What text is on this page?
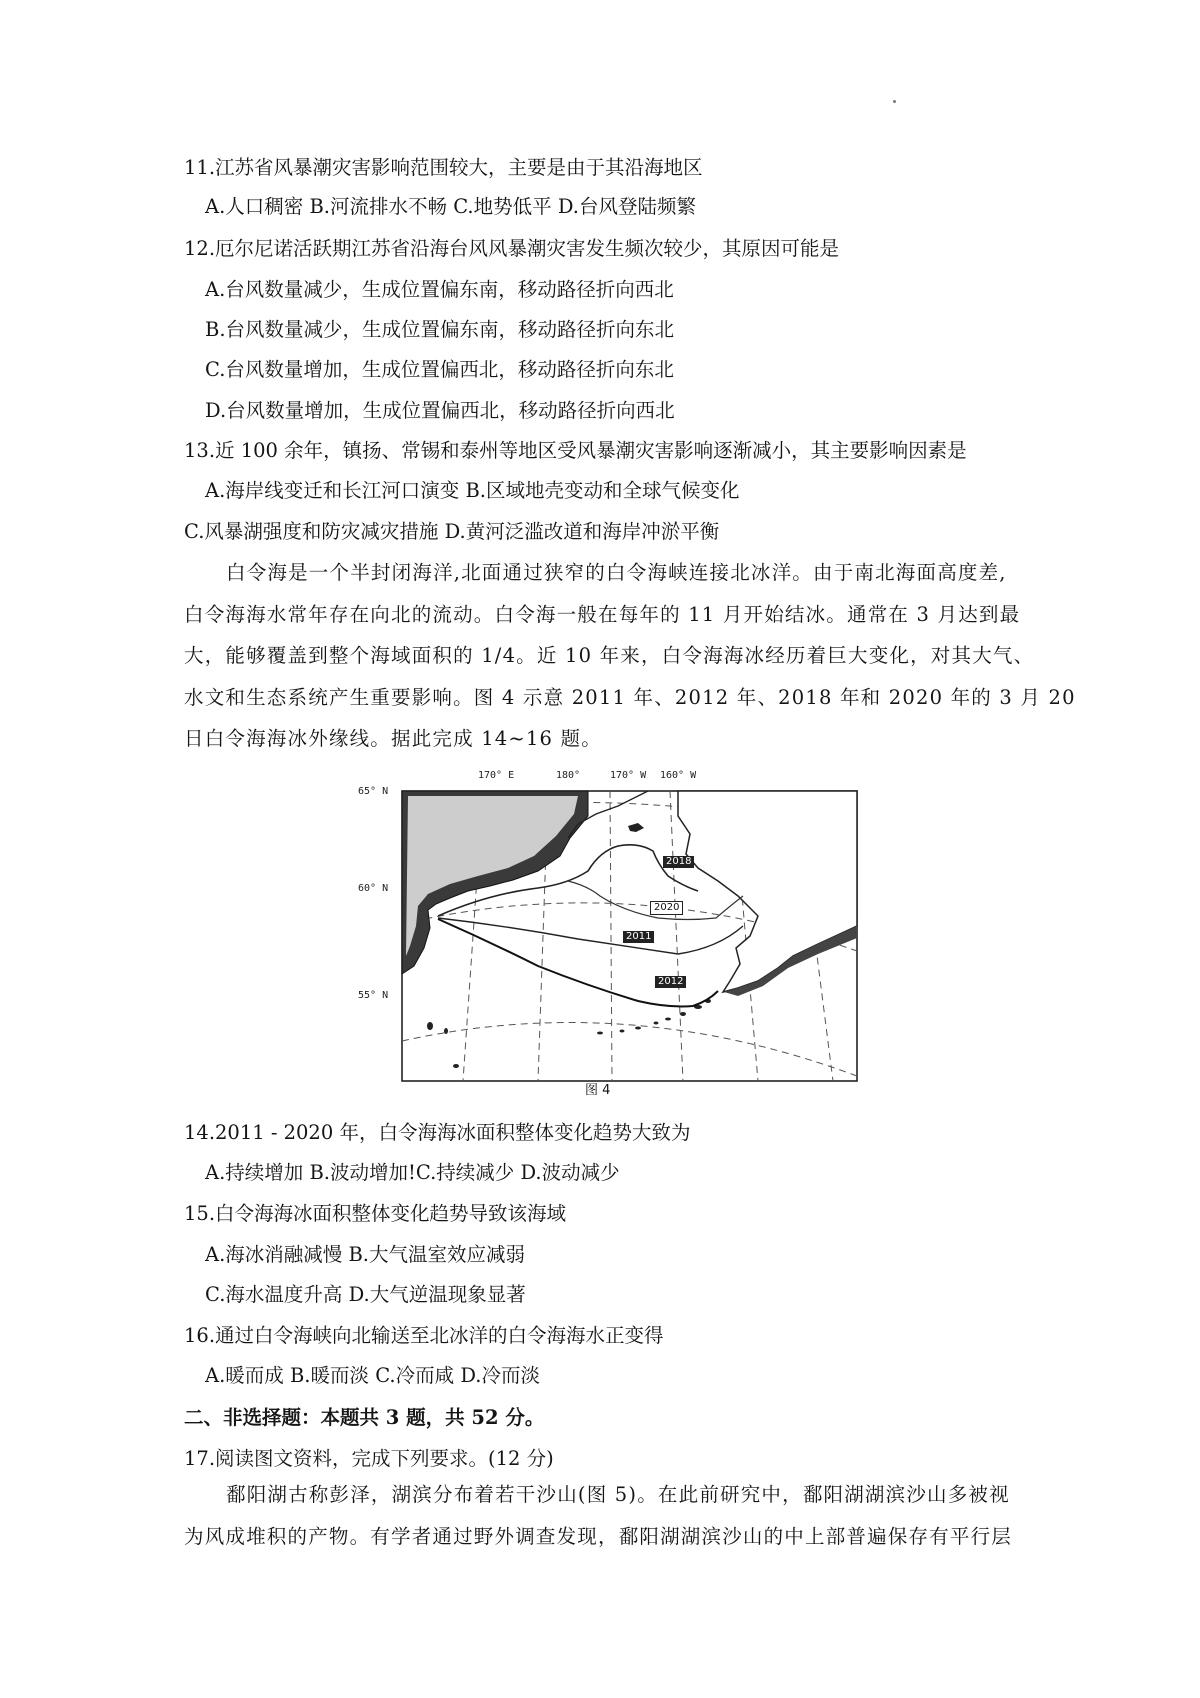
11.江苏省风暴潮灾害影响范围较大，主要是由于其沿海地区
A.人口稠密 B.河流排水不畅 C.地势低平 D.台风登陆频繁
12.厄尔尼诺活跃期江苏省沿海台风风暴潮灾害发生频次较少，其原因可能是
A.台风数量减少，生成位置偏东南，移动路径折向西北
B.台风数量减少，生成位置偏东南，移动路径折向东北
C.台风数量增加，生成位置偏西北，移动路径折向东北
D.台风数量增加，生成位置偏西北，移动路径折向西北
13.近 100 余年，镇扬、常锡和泰州等地区受风暴潮灾害影响逐渐减小，其主要影响因素是
A.海岸线变迁和长江河口演变 B.区域地壳变动和全球气候变化
C.风暴湖强度和防灾减灾措施 D.黄河泛滥改道和海岸冲淤平衡
白令海是一个半封闭海洋,北面通过狭窄的白令海峡连接北冰洋。由于南北海面高度差,
白令海海水常年存在向北的流动。白令海一般在每年的 11 月开始结冰。通常在 3 月达到最
大，能够覆盖到整个海域面积的 1/4。近 10 年来，白令海海冰经历着巨大变化，对其大气、
水文和生态系统产生重要影响。图 4 示意 2011 年、2012 年、2018 年和 2020 年的 3 月 20
日白令海海冰外缘线。据此完成 14~16 题。
170° E	180°	170° W 160° W
65° N
60° N
55° N
2018
2020
2011
2012
图 4
14.2011 - 2020 年，白令海海冰面积整体变化趋势大致为
A.持续增加 B.波动增加!C.持续减少 D.波动减少
15.白令海海冰面积整体变化趋势导致该海域
A.海冰消融减慢 B.大气温室效应减弱
C.海水温度升高 D.大气逆温现象显著
16.通过白令海峡向北输送至北冰洋的白令海海水正变得
A.暖而成 B.暖而淡 C.冷而咸 D.冷而淡
二、非选择题：本题共 3 题，共 52 分。
17.阅读图文资料，完成下列要求。(12 分)
鄱阳湖古称彭泽，湖滨分布着若干沙山(图 5)。在此前研究中，鄱阳湖湖滨沙山多被视
为风成堆积的产物。有学者通过野外调查发现，鄱阳湖湖滨沙山的中上部普遍保存有平行层
